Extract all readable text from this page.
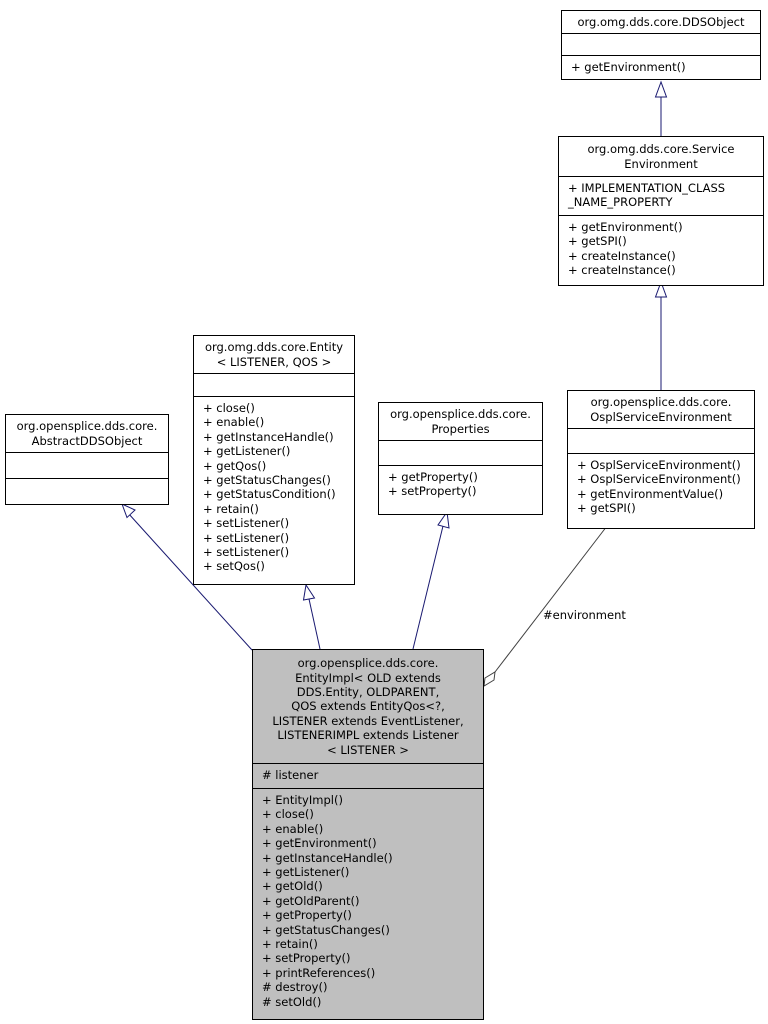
#environment
org.omg.dds.core.DDSObject
+ getEnvironment()
org.omg.dds.core.Service
Environment
+ IMPLEMENTATION_CLASS
_NAME_PROPERTY
+ getEnvironment()
+ getSPI()
+ createInstance()
+ createInstance()
org.omg.dds.core.Entity
< LISTENER, QOS >
+ close()
+ enable()
+ getInstanceHandle()
+ getListener()
+ getQos()
+ getStatusChanges()
+ getStatusCondition()
+ retain()
+ setListener()
+ setListener()
+ setListener()
+ setQos()
org.opensplice.dds.core.
AbstractDDSObject
org.opensplice.dds.core.
Properties
+ getProperty()
+ setProperty()
org.opensplice.dds.core.
OsplServiceEnvironment
+ OsplServiceEnvironment()
+ OsplServiceEnvironment()
+ getEnvironmentValue()
+ getSPI()
org.opensplice.dds.core.
EntityImpl< OLD extends
DDS.Entity, OLDPARENT,
QOS extends EntityQos<?,
LISTENER extends EventListener,
LISTENERIMPL extends Listener
< LISTENER >
# listener
+ EntityImpl()
+ close()
+ enable()
+ getEnvironment()
+ getInstanceHandle()
+ getListener()
+ getOld()
+ getOldParent()
+ getProperty()
+ getStatusChanges()
+ retain()
+ setProperty()
+ printReferences()
# destroy()
# setOld()
